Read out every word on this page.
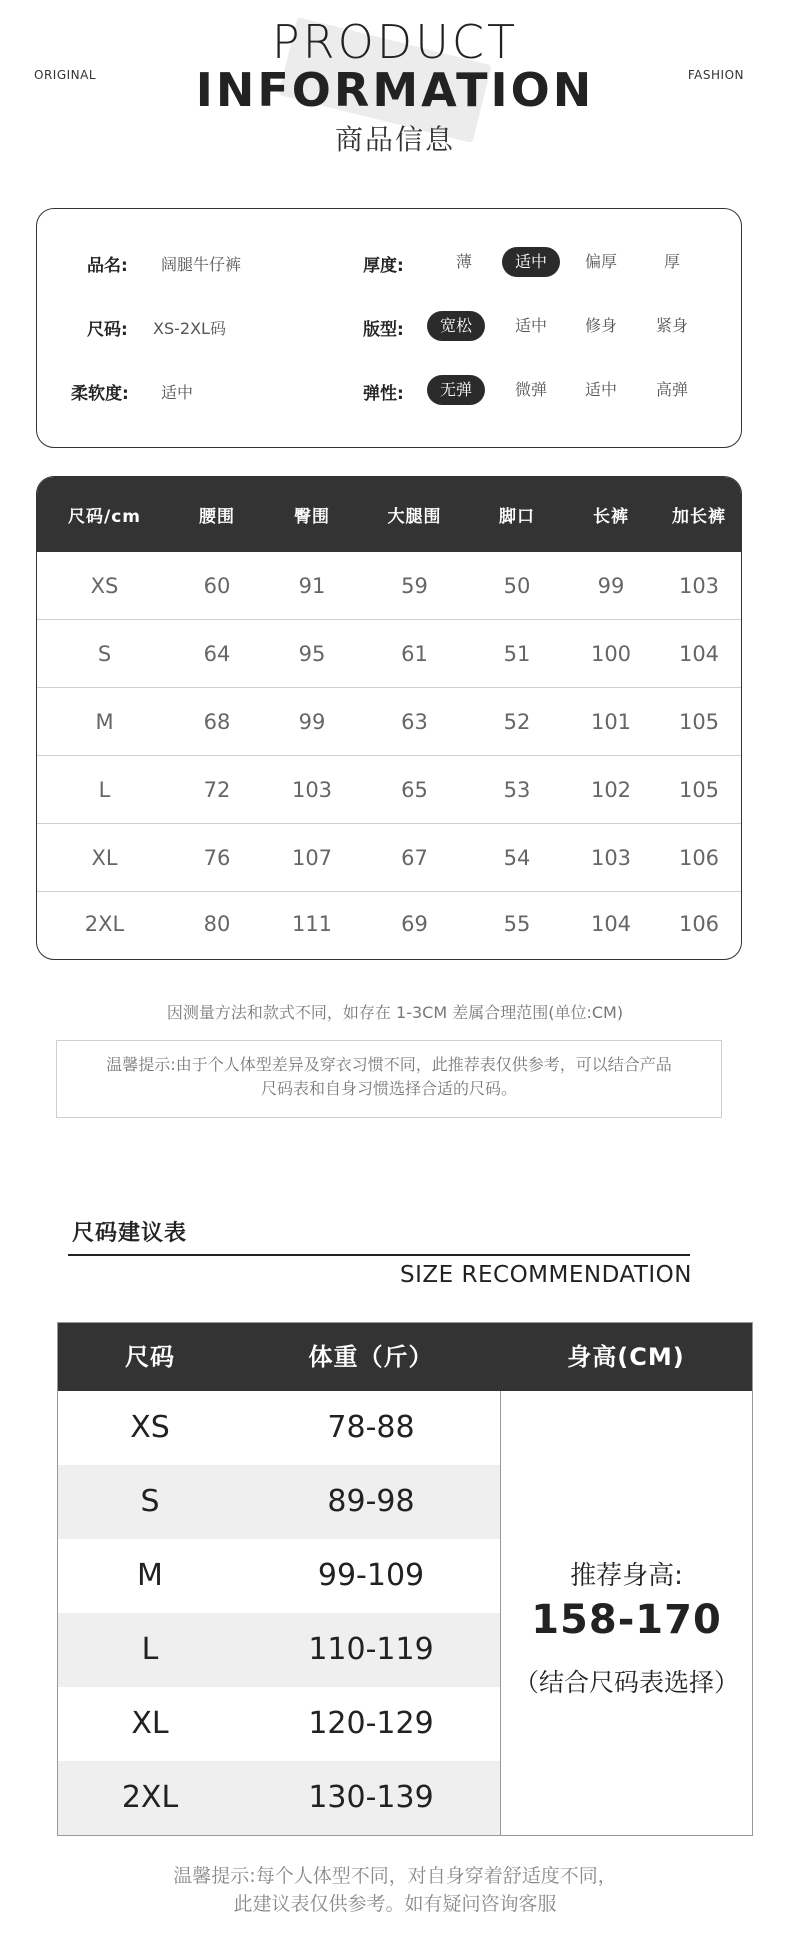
ORIGINAL	FASHION
PRODUCT
INFORMATION
商品信息
品名: 阔腿牛仔裤
尺码: XS-2XL码
柔软度: 适中
厚度:	薄	适中	偏厚	厚
版型:	宽松	适中	修身	紧身
弹性:	无弹	微弹	适中	高弹
尺码/cm	腰围	臀围	大腿围	脚口	长裤	加长裤
XS	60	91	59	50	99	103
S	64	95	61	51	100	104
M	68	99	63	52	101	105
L	72	103	65	53	102	105
XL	76	107	67	54	103	106
2XL	80	111	69	55	104	106
因测量方法和款式不同，如存在 1-3CM 差属合理范围(单位:CM)
温馨提示:由于个人体型差异及穿衣习惯不同，此推荐表仅供参考，可以结合产品
尺码表和自身习惯选择合适的尺码。
尺码建议表
SIZE RECOMMENDATION
尺码	体重（斤）	身高(CM)
XS	78-88
S	89-98
M	99-109
L	110-119
XL	120-129
2XL	130-139
推荐身高:
158-170
（结合尺码表选择）
温馨提示:每个人体型不同，对自身穿着舒适度不同，
此建议表仅供参考。如有疑问咨询客服
